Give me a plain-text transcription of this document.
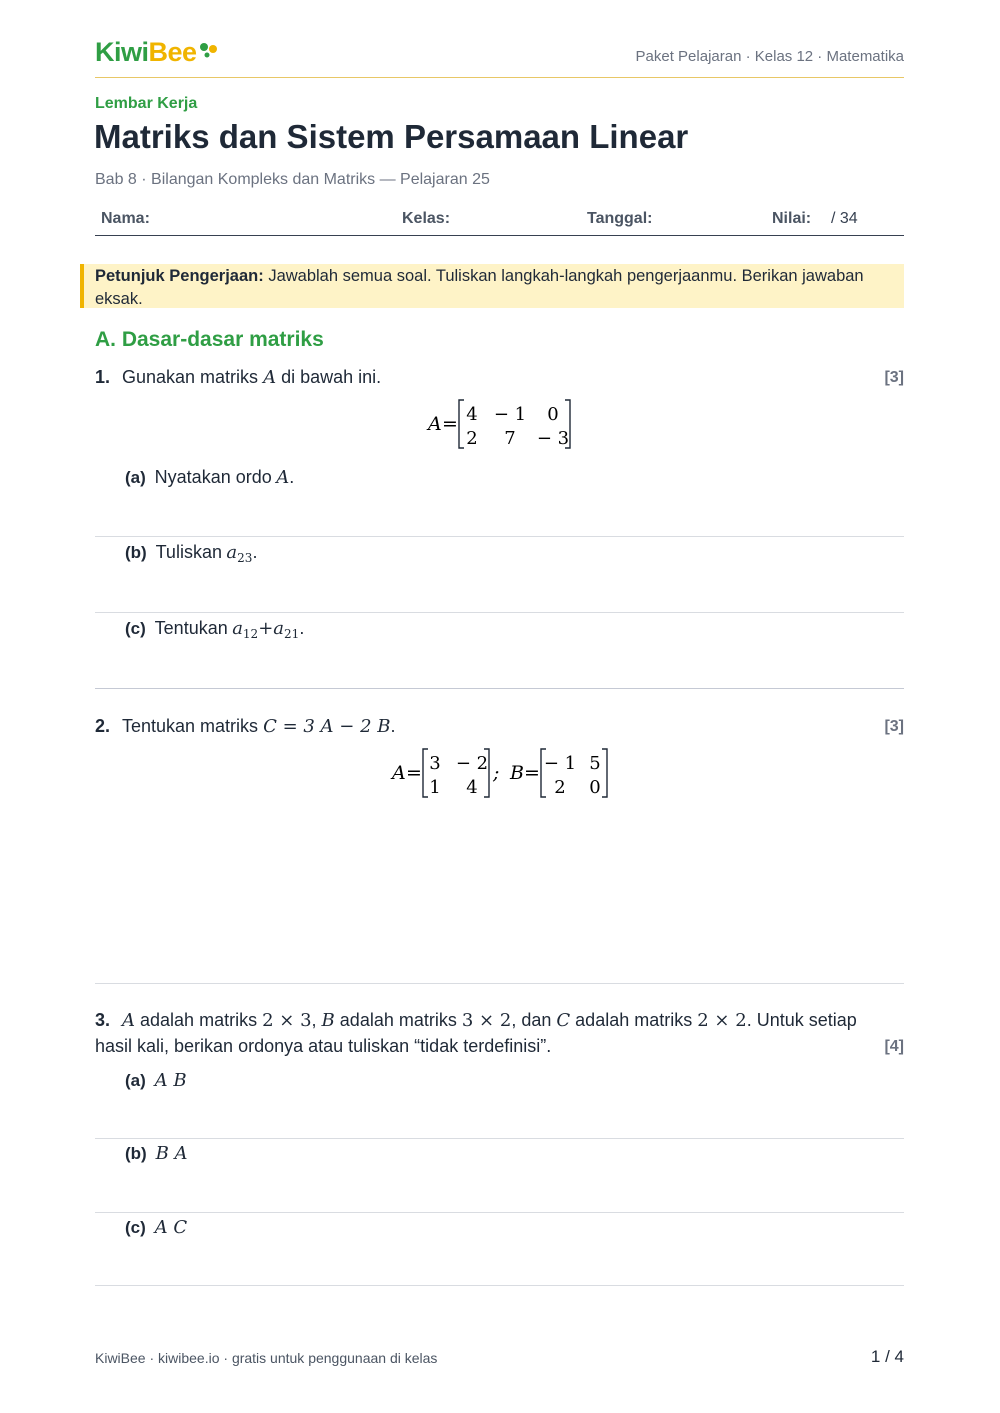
KiwiBee	Paket Pelajaran · Kelas 12 · Matematika
Lembar Kerja
Matriks dan Sistem Persamaan Linear
Bab 8 · Bilangan Kompleks dan Matriks — Pelajaran 25
Nama:	Kelas:	Tanggal:	Nilai: / 34
Petunjuk Pengerjaan: Jawablah semua soal. Tuliskan langkah-langkah pengerjaanmu. Berikan jawaban eksak.
A. Dasar-dasar matriks
1. Gunakan matriks A di bawah ini.	[3]
A = 4 − 1 0
2 7 − 3
(a) Nyatakan ordo A.
(b) Tuliskan $a_{23}$.
(c) Tentukan $a_{12}+a_{21}$.
2. Tentukan matriks C = 3 A − 2 B.	[3]
A = 3 − 2
1 4
; B = − 1 5
2 0
3. A adalah matriks 2 × 3, B adalah matriks 3 × 2, dan C adalah matriks 2 × 2. Untuk setiap
hasil kali, berikan ordonya atau tuliskan “tidak terdefinisi”.	[4]
(a) A B
(b) B A
(c) A C
KiwiBee · kiwibee.io · gratis untuk penggunaan di kelas	1 / 4
